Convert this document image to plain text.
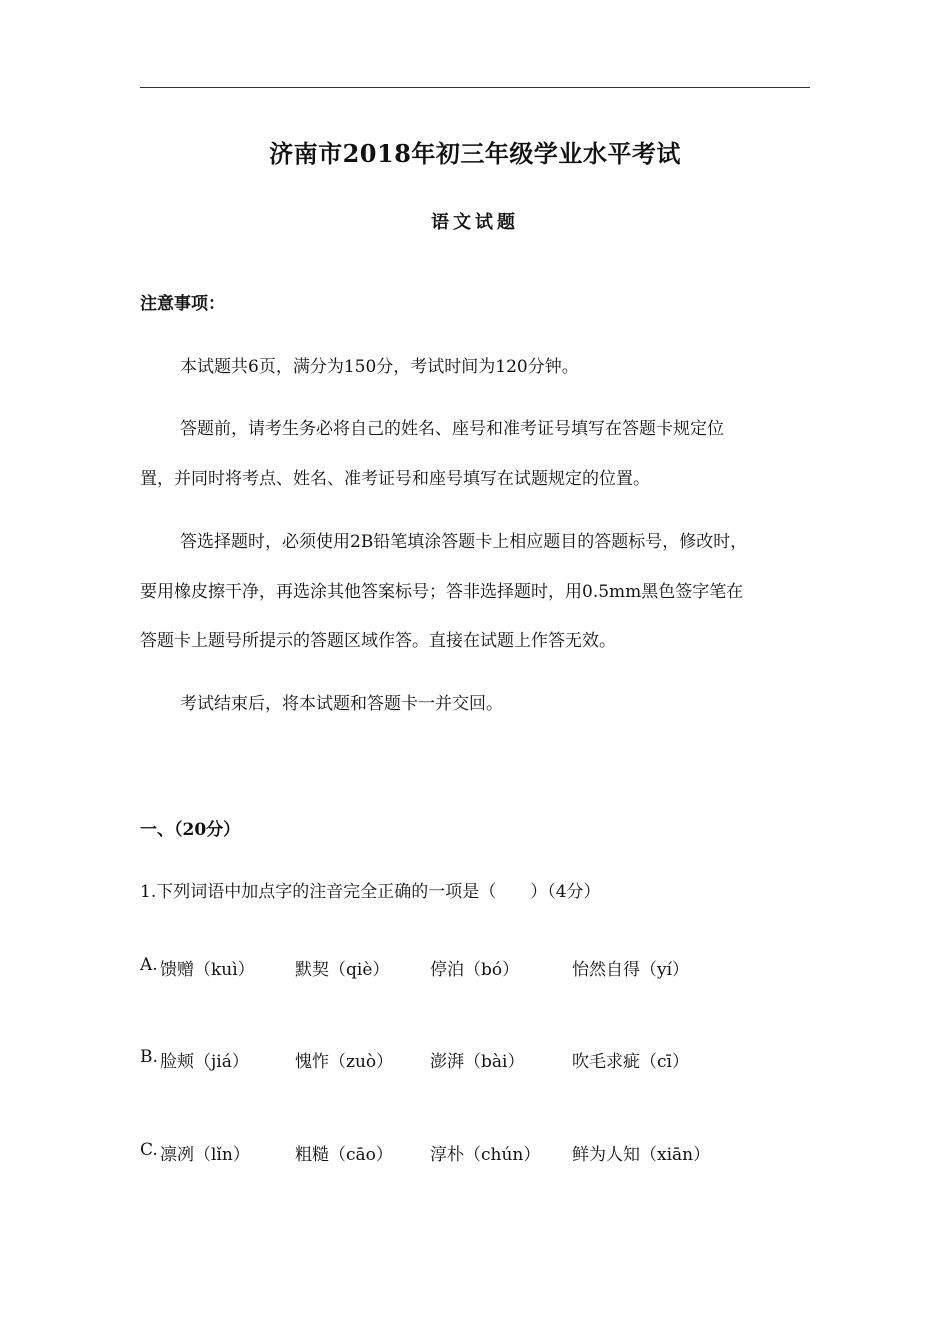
济南市2018年初三年级学业水平考试
语文试题
注意事项：
本试题共6页，满分为150分，考试时间为120分钟。
答题前，请考生务必将自己的姓名、座号和准考证号填写在答题卡规定位
置，并同时将考点、姓名、准考证号和座号填写在试题规定的位置。
答选择题时，必须使用2B铅笔填涂答题卡上相应题目的答题标号，修改时，
要用橡皮擦干净，再选涂其他答案标号；答非选择题时，用0.5mm黑色签字笔在
答题卡上题号所提示的答题区域作答。直接在试题上作答无效。
考试结束后，将本试题和答题卡一并交回。
一、（20分）
1.下列词语中加点字的注音完全正确的一项是（　　）（4分）
A. 馈赠（kuì） 默契（qiè） 停泊（bó）	怡然自得（yí）
B. 脸颊（jiá）	愧怍（zuò） 澎湃（bài）	吹毛求疵（cī）
C. 凛冽（lǐn）	粗糙（cāo） 淳朴（chún） 鲜为人知（xiān）
